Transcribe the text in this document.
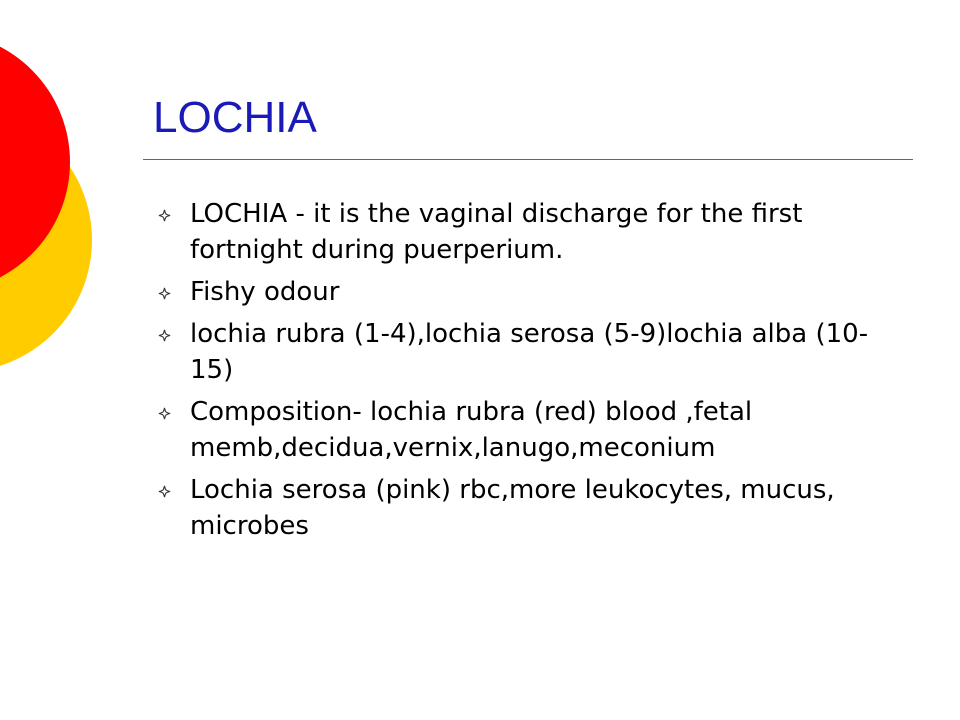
LOCHIA
LOCHIA - it is the vaginal discharge for the first fortnight during puerperium.
Fishy odour
lochia rubra (1-4),lochia serosa (5-9)lochia alba (10-15)
Composition- lochia rubra (red) blood ,fetal memb,decidua,vernix,lanugo,meconium
Lochia serosa (pink) rbc,more leukocytes, mucus, microbes
